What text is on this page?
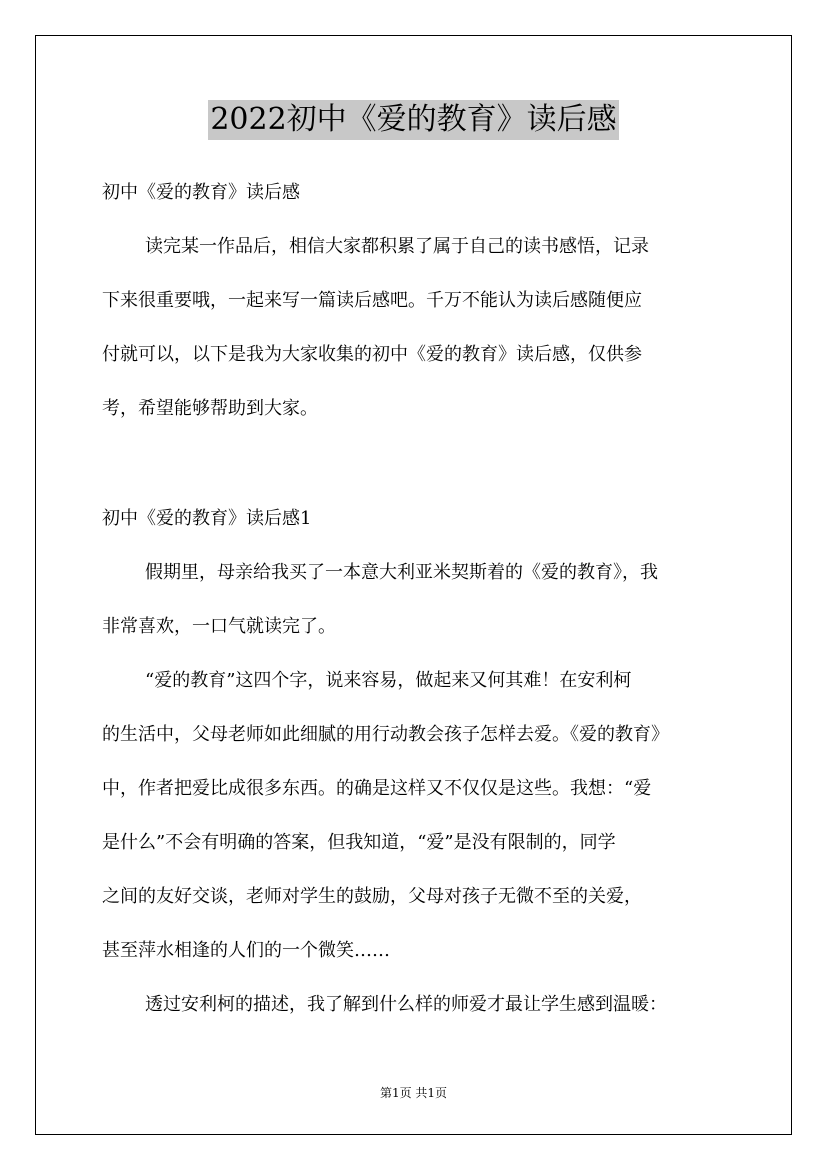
2022初中《爱的教育》读后感
初中《爱的教育》读后感
读完某一作品后，相信大家都积累了属于自己的读书感悟，记录
下来很重要哦，一起来写一篇读后感吧。千万不能认为读后感随便应
付就可以，以下是我为大家收集的初中《爱的教育》读后感，仅供参
考，希望能够帮助到大家。
初中《爱的教育》读后感1
假期里，母亲给我买了一本意大利亚米契斯着的《爱的教育》，我
非常喜欢，一口气就读完了。
“爱的教育”这四个字，说来容易，做起来又何其难！在安利柯
的生活中，父母老师如此细腻的用行动教会孩子怎样去爱。《爱的教育》
中，作者把爱比成很多东西。的确是这样又不仅仅是这些。我想：“爱
是什么”不会有明确的答案，但我知道，“爱”是没有限制的，同学
之间的友好交谈，老师对学生的鼓励，父母对孩子无微不至的关爱，
甚至萍水相逢的人们的一个微笑……
透过安利柯的描述，我了解到什么样的师爱才最让学生感到温暖：
第1页 共1页
